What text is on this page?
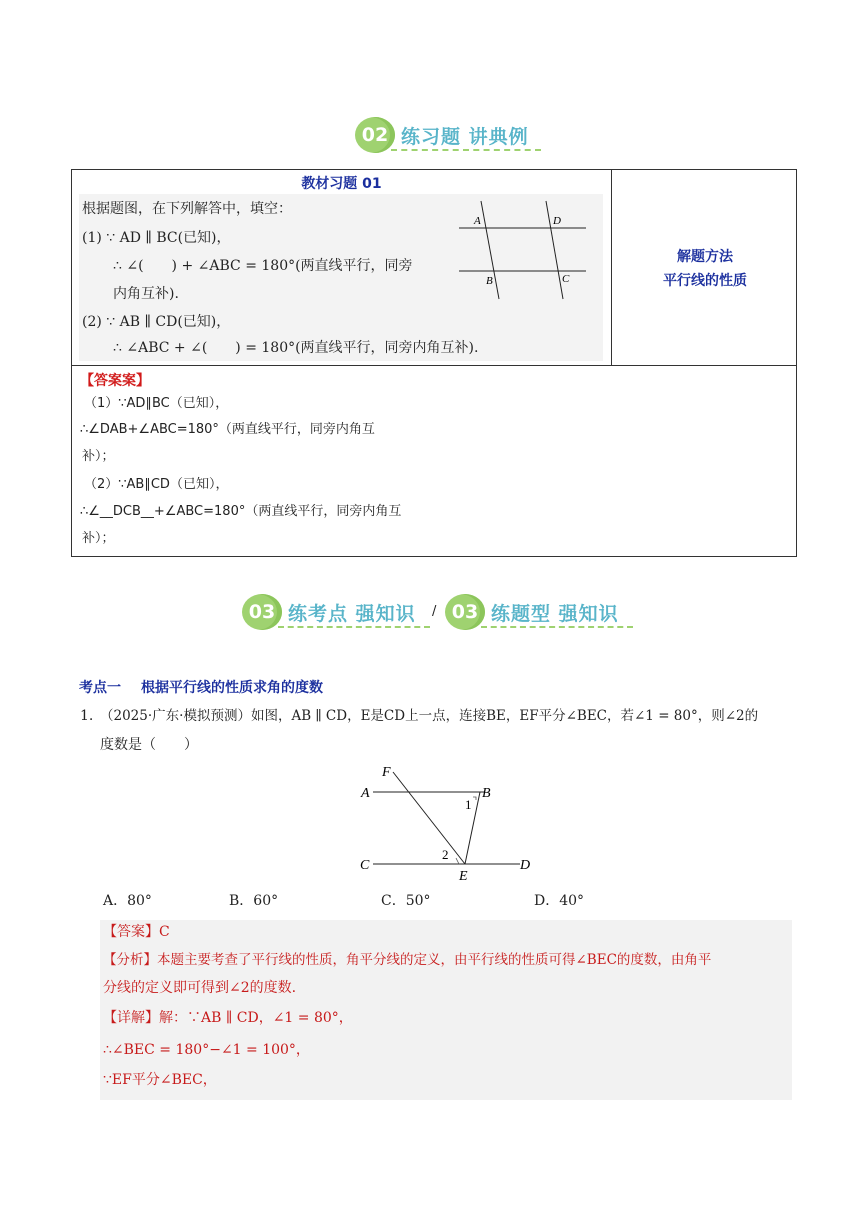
02 练习题 讲典例
教材习题 01
根据题图，在下列解答中，填空：
(1) ∵ AD ∥ BC(已知)，
∴ ∠(　　) + ∠ABC = 180°(两直线平行，同旁
内角互补).
(2) ∵ AB ∥ CD(已知)，
∴ ∠ABC + ∠(　　) = 180°(两直线平行，同旁内角互补).
A	D
B	C
解题方法
平行线的性质
【答案案】
（1）∵AD∥BC（已知），
∴∠DAB+∠ABC=180°（两直线平行，同旁内角互
补）；
（2）∵AB∥CD（已知），
∴∠__DCB__+∠ABC=180°（两直线平行，同旁内角互
补）；
03 练考点 强知识 / 03 练题型 强知识
考点一 根据平行线的性质求角的度数
1. （2025·广东·模拟预测）如图，AB ∥ CD，E是CD上一点，连接BE，EF平分∠BEC，若∠1 = 80°，则∠2的
度数是（　　）
F
A	B
1
C
2
E
D
A．80°	B．60°	C．50°	D．40°
【答案】C
【分析】本题主要考查了平行线的性质，角平分线的定义，由平行线的性质可得∠BEC的度数，由角平
分线的定义即可得到∠2的度数.
【详解】解：∵AB ∥ CD，∠1 = 80°，
∴∠BEC = 180°−∠1 = 100°，
∵EF平分∠BEC，
